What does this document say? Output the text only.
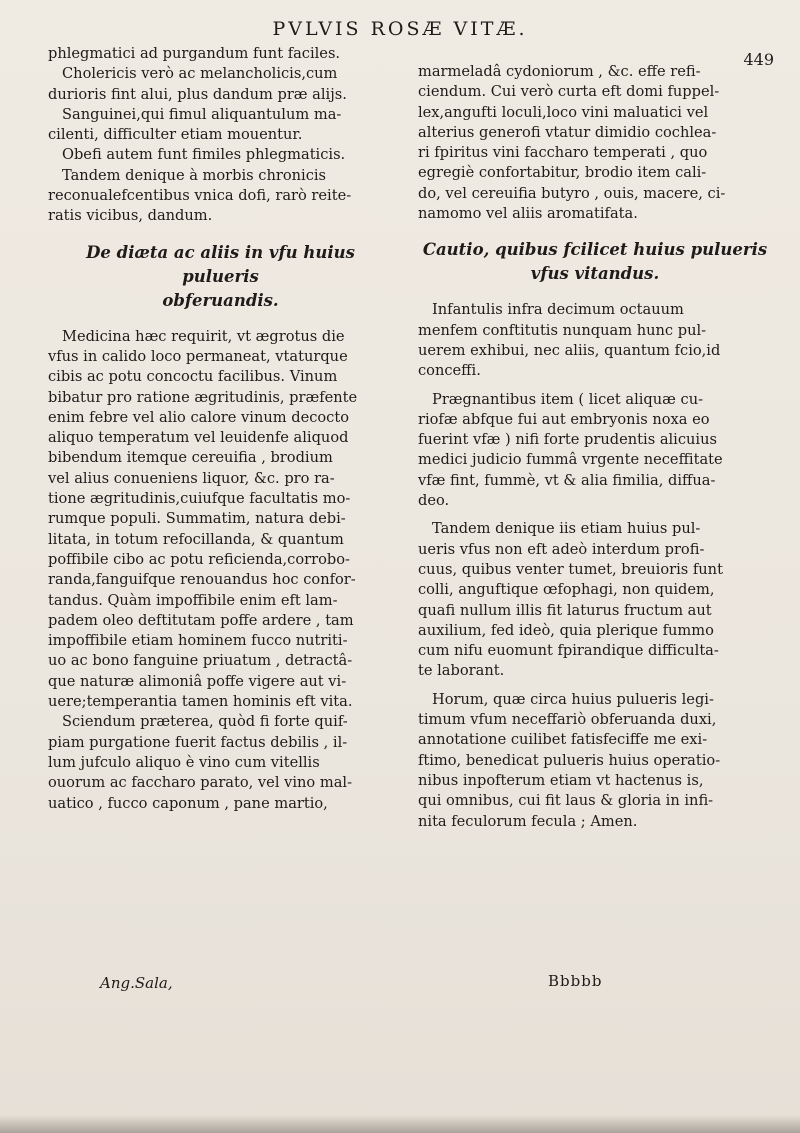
PVLVIS ROSÆ VITÆ.
449
phlegmatici ad purgandum funt faciles.
Cholericis verò ac melancholicis,cum
durioris fint alui, plus dandum præ alijs.
Sanguinei,qui fimul aliquantulum ma-
cilenti, difficulter etiam mouentur.
Obefi autem funt fimiles phlegmaticis.
Tandem denique à morbis chronicis
reconualefcentibus vnica dofi, rarò reite-
ratis vicibus, dandum.
De diæta ac aliis in vfu huius pulueris
obferuandis.
Medicina hæc requirit, vt ægrotus die
vfus in calido loco permaneat, vtaturque
cibis ac potu concoctu facilibus. Vinum
bibatur pro ratione ægritudinis, præfente
enim febre vel alio calore vinum decocto
aliquo temperatum vel leuidenfe aliquod
bibendum itemque cereuifia , brodium
vel alius conueniens liquor, &c. pro ra-
tione ægritudinis,cuiufque facultatis mo-
rumque populi. Summatim, natura debi-
litata, in totum refocillanda, & quantum
poffibile cibo ac potu reficienda,corrobo-
randa,fanguifque renouandus hoc confor-
tandus. Quàm impoffibile enim eft lam-
padem oleo deftitutam poffe ardere , tam
impoffibile etiam hominem fucco nutriti-
uo ac bono fanguine priuatum , detractâ-
que naturæ alimoniâ poffe vigere aut vi-
uere;temperantia tamen hominis eft vita.
Sciendum præterea, quòd fi forte quif-
piam purgatione fuerit factus debilis , il-
lum jufculo aliquo è vino cum vitellis
ouorum ac faccharo parato, vel vino mal-
uatico , fucco caponum , pane martio,
marmeladâ cydoniorum , &c. effe refi-
ciendum. Cui verò curta eft domi fuppel-
lex,angufti loculi,loco vini maluatici vel
alterius generofi vtatur dimidio cochlea-
ri fpiritus vini faccharo temperati , quo
egregiè confortabitur, brodio item cali-
do, vel cereuifia butyro , ouis, macere, ci-
namomo vel aliis aromatifata.
Cautio, quibus fcilicet huius pulueris
vfus vitandus.
Infantulis infra decimum octauum
menfem conftitutis nunquam hunc pul-
uerem exhibui, nec aliis, quantum fcio,id
conceffi.
Prægnantibus item ( licet aliquæ cu-
riofæ abfque fui aut embryonis noxa eo
fuerint vfæ ) nifi forte prudentis alicuius
medici judicio fummâ vrgente neceffitate
vfæ fint, fummè, vt & alia fimilia, diffua-
deo.
Tandem denique iis etiam huius pul-
ueris vfus non eft adeò interdum profi-
cuus, quibus venter tumet, breuioris funt
colli, anguftique œfophagi, non quidem,
quafi nullum illis fit laturus fructum aut
auxilium, fed ideò, quia plerique fummo
cum nifu euomunt fpirandique difficulta-
te laborant.
Horum, quæ circa huius pulueris legi-
timum vfum neceffariò obferuanda duxi,
annotatione cuilibet fatisfeciffe me exi-
ftimo, benedicat pulueris huius operatio-
nibus inpofterum etiam vt hactenus is,
qui omnibus, cui fit laus & gloria in infi-
nita feculorum fecula ; Amen.
Ang.Sala,	Bbbbb
